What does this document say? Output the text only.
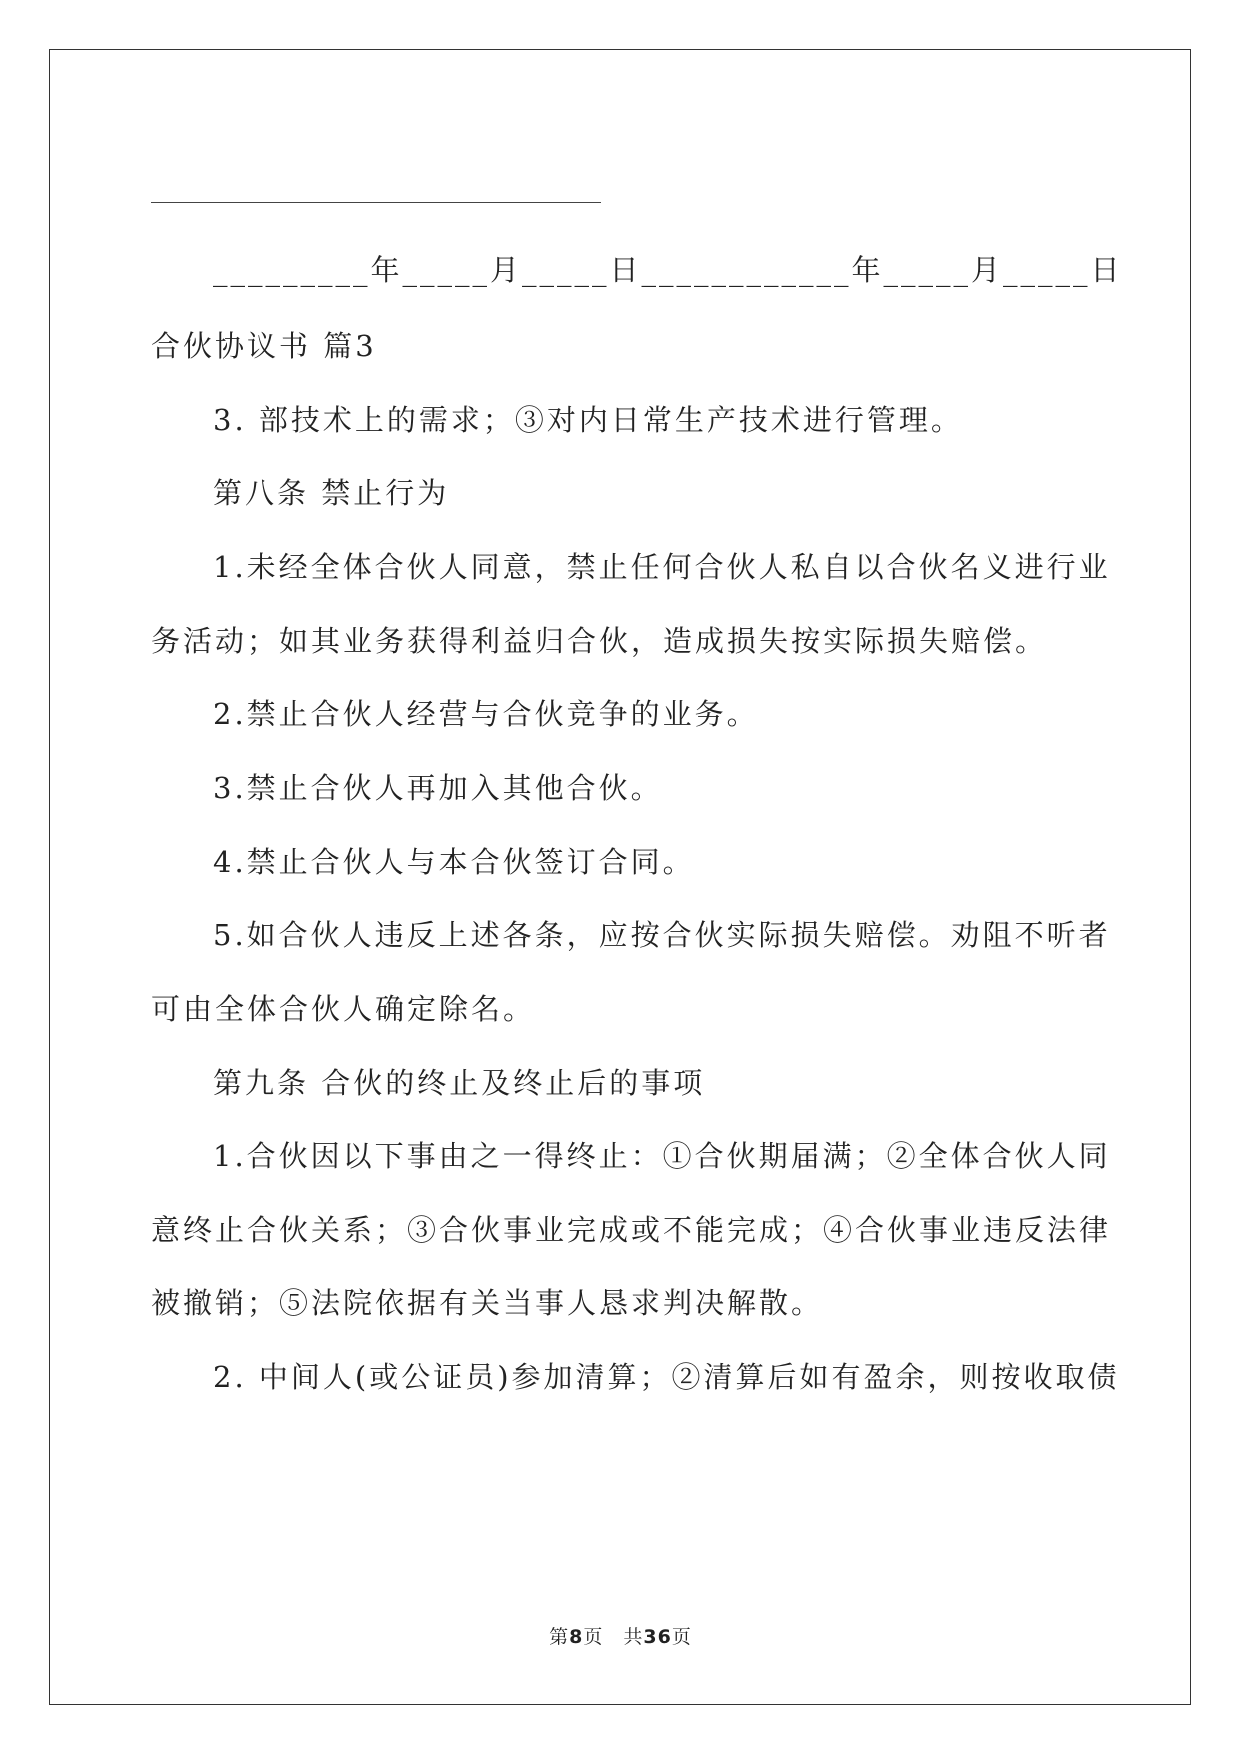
_________年_____月_____日____________年_____月_____日
合伙协议书 篇3
3. 部技术上的需求；③对内日常生产技术进行管理。
第八条 禁止行为
1.未经全体合伙人同意，禁止任何合伙人私自以合伙名义进行业
务活动；如其业务获得利益归合伙，造成损失按实际损失赔偿。
2.禁止合伙人经营与合伙竞争的业务。
3.禁止合伙人再加入其他合伙。
4.禁止合伙人与本合伙签订合同。
5.如合伙人违反上述各条，应按合伙实际损失赔偿。劝阻不听者
可由全体合伙人确定除名。
第九条 合伙的终止及终止后的事项
1.合伙因以下事由之一得终止：①合伙期届满；②全体合伙人同
意终止合伙关系；③合伙事业完成或不能完成；④合伙事业违反法律
被撤销；⑤法院依据有关当事人恳求判决解散。
2. 中间人(或公证员)参加清算；②清算后如有盈余，则按收取债
第8页　共36页
